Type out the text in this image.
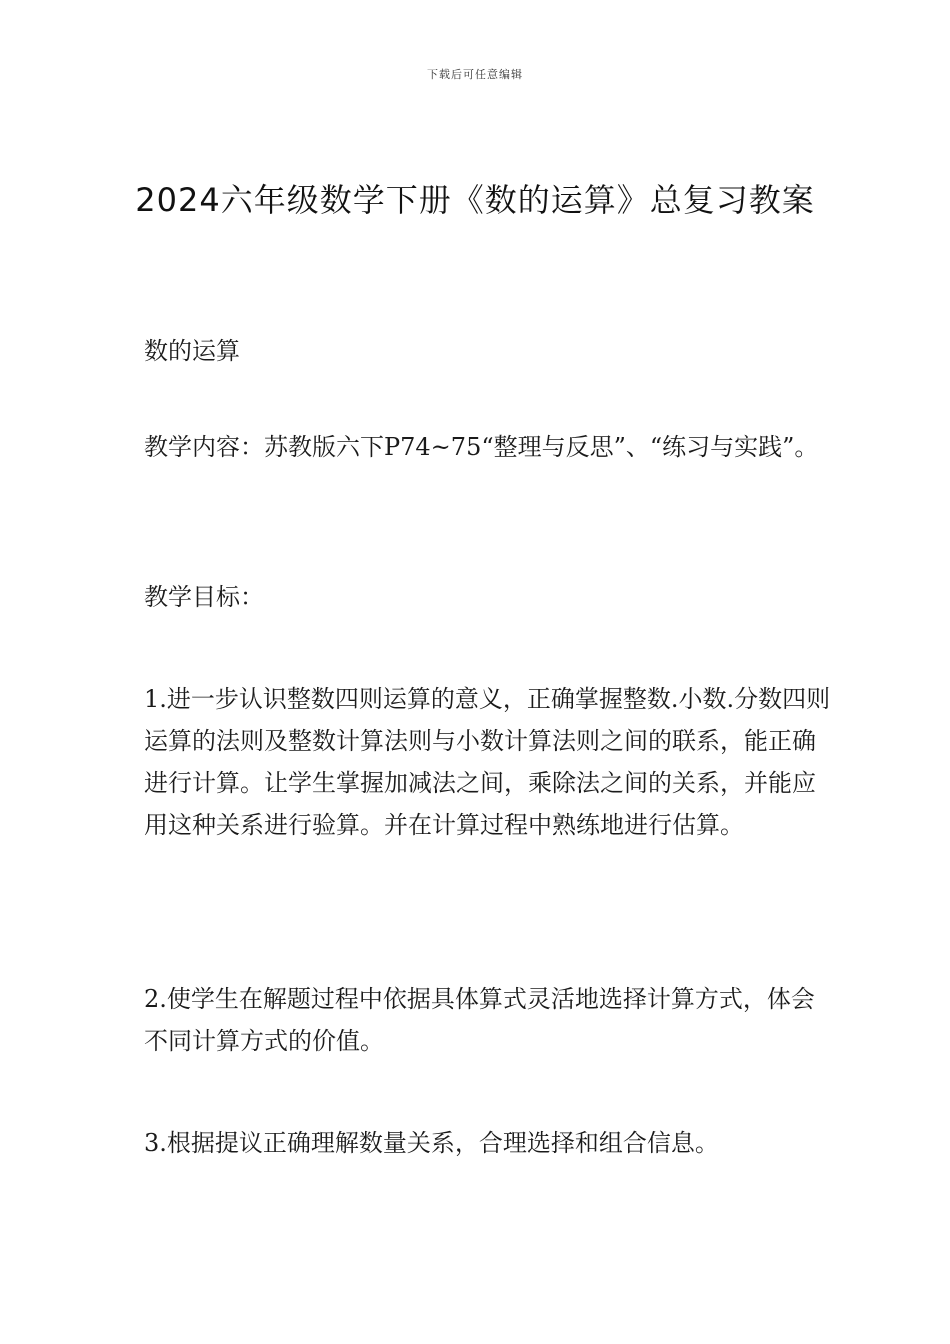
下载后可任意编辑
2024六年级数学下册《数的运算》总复习教案

数的运算

教学内容：苏教版六下P74~75“整理与反思”、“练习与实践”。

教学目标：

1.进一步认识整数四则运算的意义，正确掌握整数.小数.分数四则运算的法则及整数计算法则与小数计算法则之间的联系，能正确进行计算。让学生掌握加减法之间，乘除法之间的关系，并能应用这种关系进行验算。并在计算过程中熟练地进行估算。

2.使学生在解题过程中依据具体算式灵活地选择计算方式，体会不同计算方式的价值。

3.根据提议正确理解数量关系，合理选择和组合信息。
